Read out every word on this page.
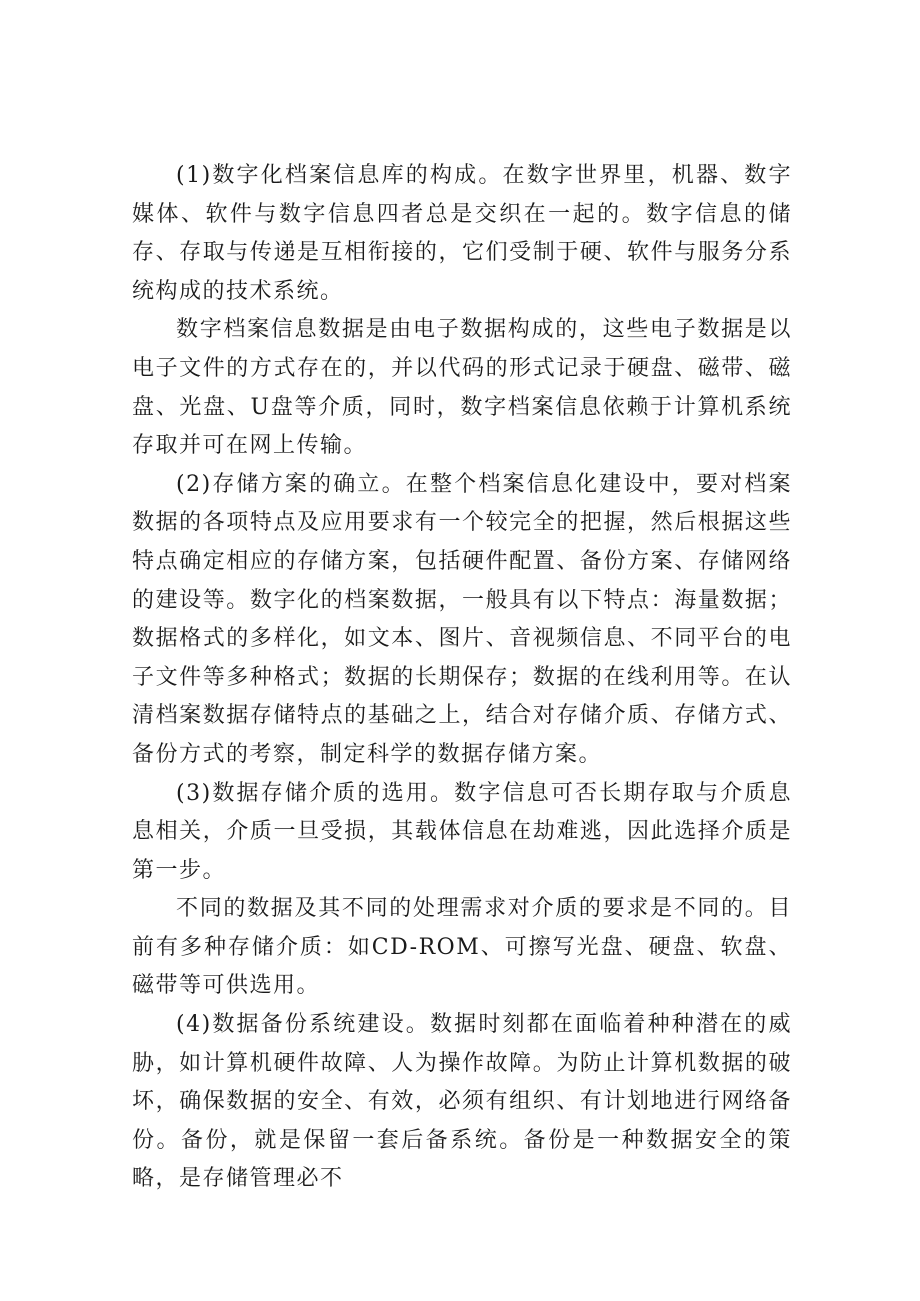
(1)数字化档案信息库的构成。在数字世界里，机器、数字媒体、软件与数字信息四者总是交织在一起的。数字信息的储存、存取与传递是互相衔接的，它们受制于硬、软件与服务分系统构成的技术系统。

数字档案信息数据是由电子数据构成的，这些电子数据是以电子文件的方式存在的，并以代码的形式记录于硬盘、磁带、磁盘、光盘、U盘等介质，同时，数字档案信息依赖于计算机系统存取并可在网上传输。

(2)存储方案的确立。在整个档案信息化建设中，要对档案数据的各项特点及应用要求有一个较完全的把握，然后根据这些特点确定相应的存储方案，包括硬件配置、备份方案、存储网络的建设等。数字化的档案数据，一般具有以下特点：海量数据；数据格式的多样化，如文本、图片、音视频信息、不同平台的电子文件等多种格式；数据的长期保存；数据的在线利用等。在认清档案数据存储特点的基础之上，结合对存储介质、存储方式、备份方式的考察，制定科学的数据存储方案。

(3)数据存储介质的选用。数字信息可否长期存取与介质息息相关，介质一旦受损，其载体信息在劫难逃，因此选择介质是第一步。

不同的数据及其不同的处理需求对介质的要求是不同的。目前有多种存储介质：如CD-ROM、可擦写光盘、硬盘、软盘、磁带等可供选用。

(4)数据备份系统建设。数据时刻都在面临着种种潜在的威胁，如计算机硬件故障、人为操作故障。为防止计算机数据的破坏，确保数据的安全、有效，必须有组织、有计划地进行网络备份。备份，就是保留一套后备系统。备份是一种数据安全的策略，是存储管理必不
